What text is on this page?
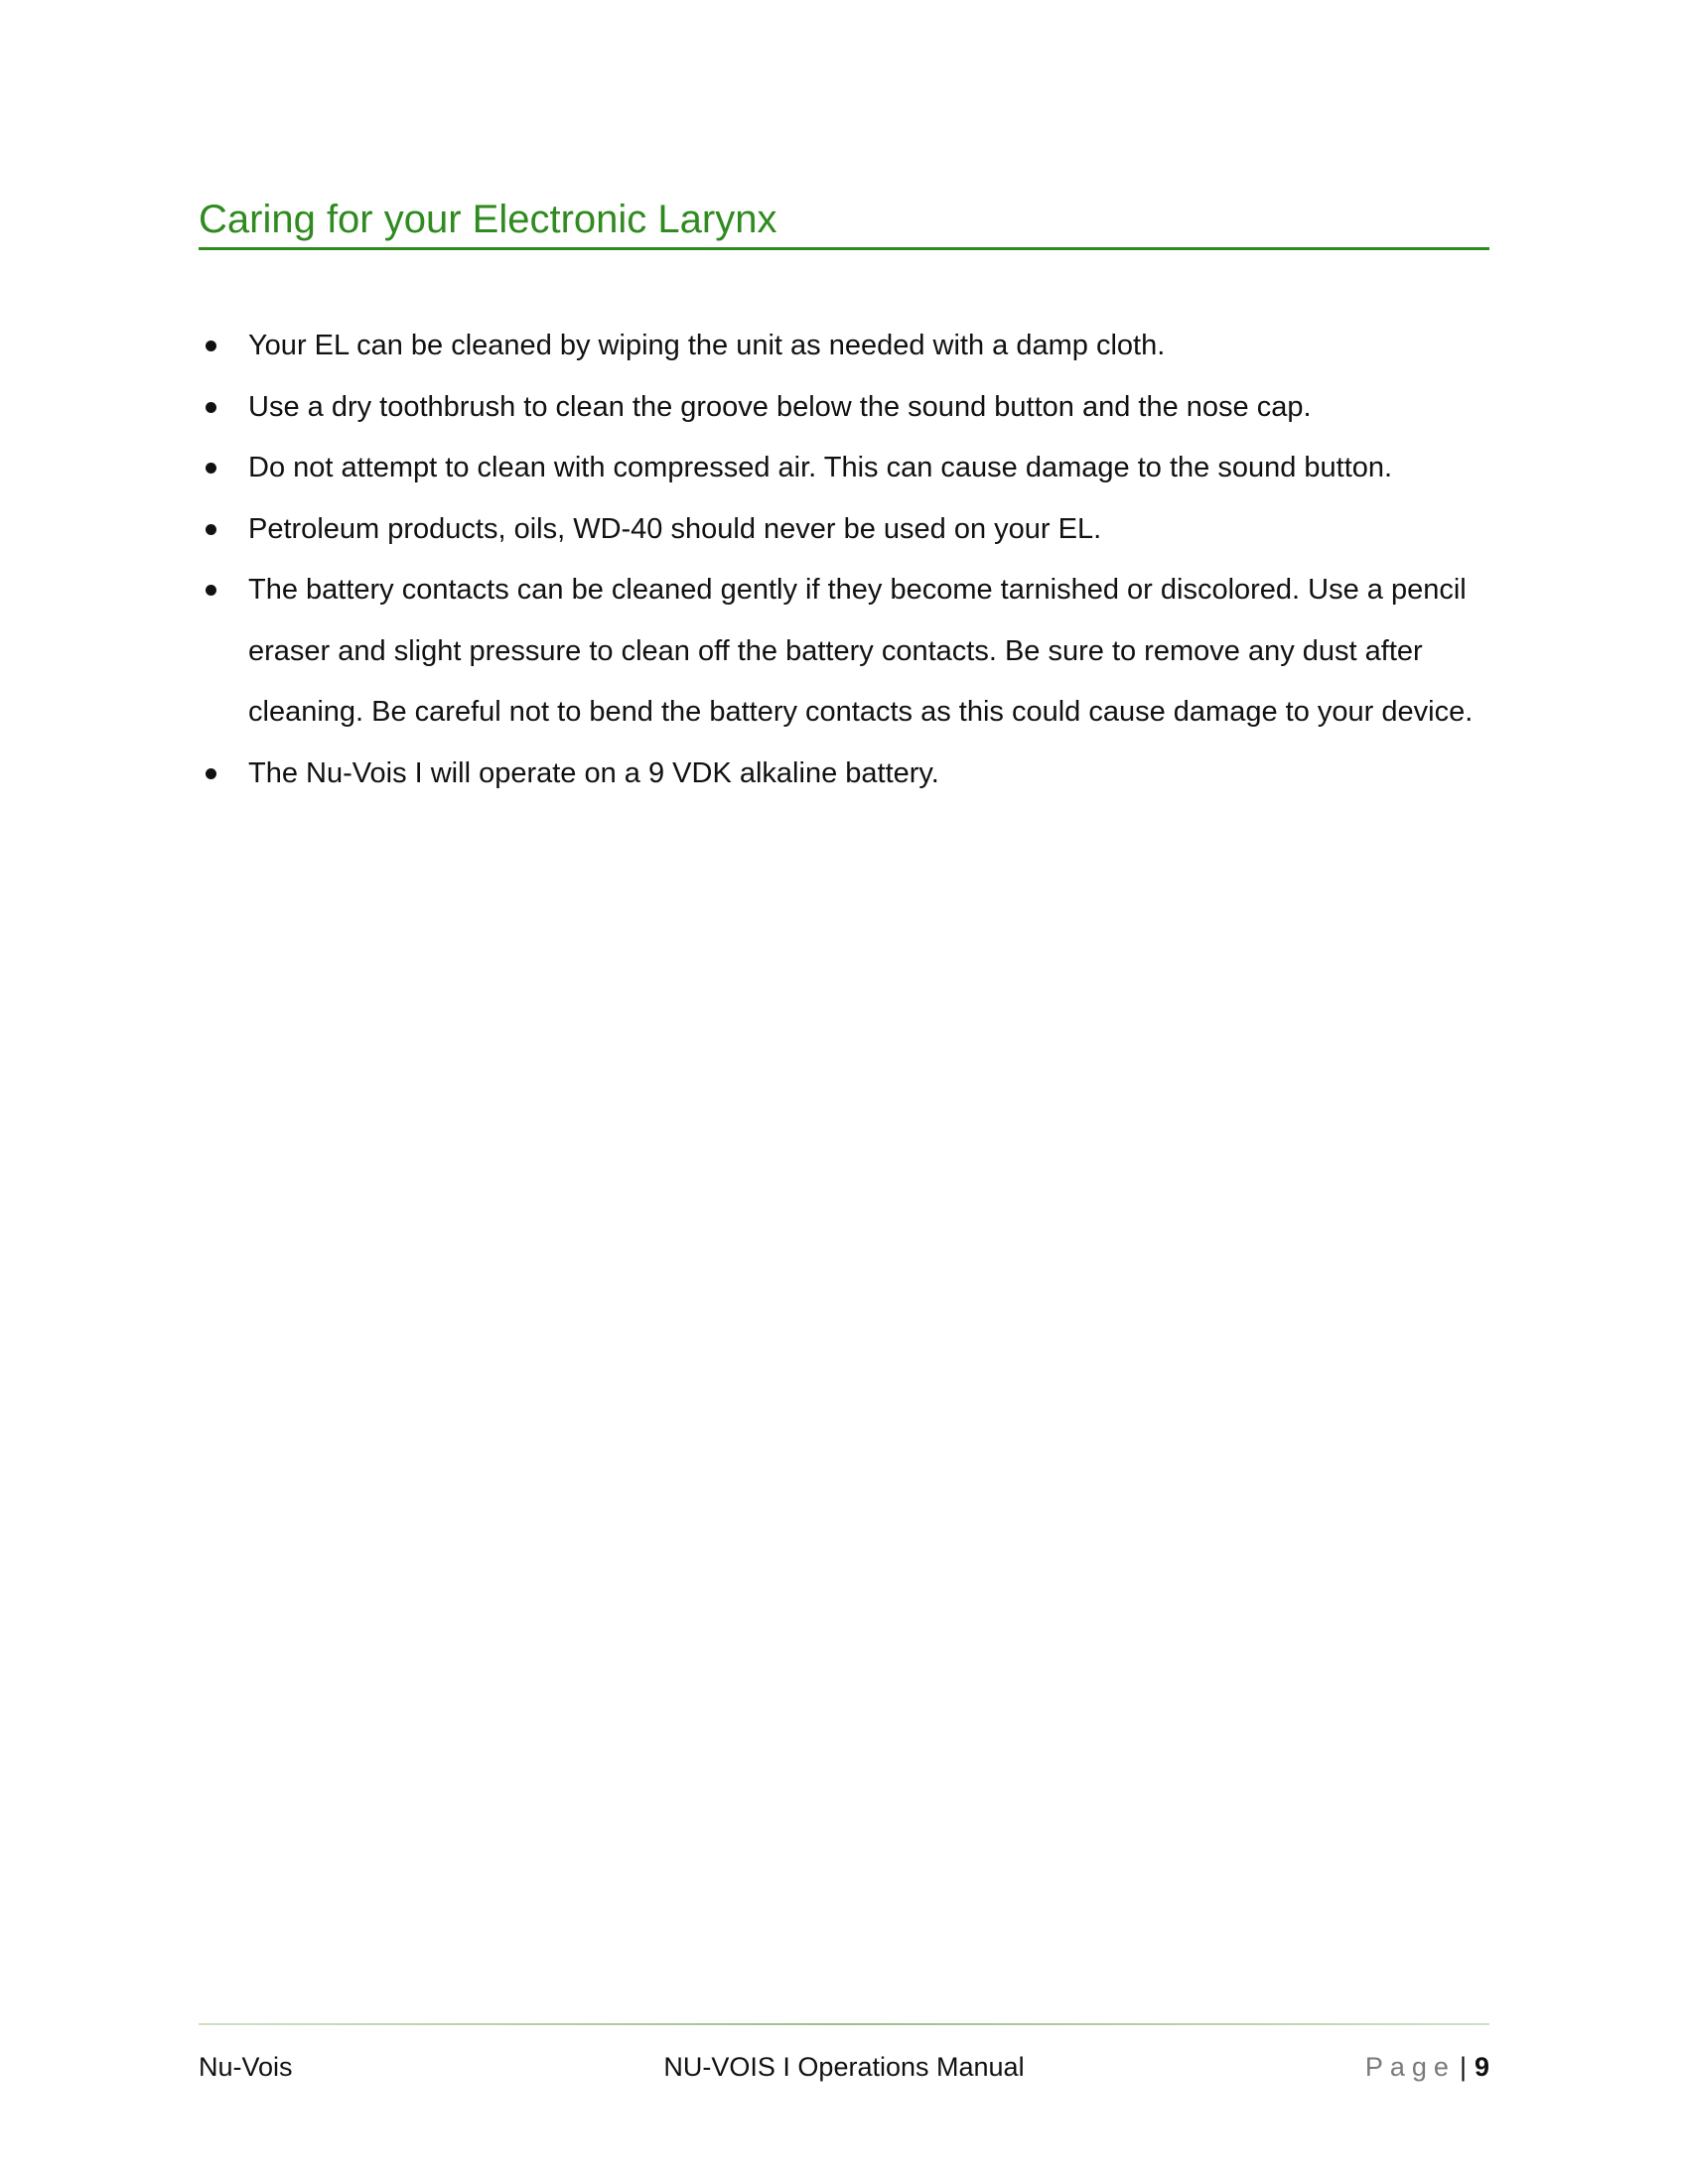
Caring for your Electronic Larynx
Your EL can be cleaned by wiping the unit as needed with a damp cloth.
Use a dry toothbrush to clean the groove below the sound button and the nose cap.
Do not attempt to clean with compressed air. This can cause damage to the sound button.
Petroleum products, oils, WD-40 should never be used on your EL.
The battery contacts can be cleaned gently if they become tarnished or discolored. Use a pencil eraser and slight pressure to clean off the battery contacts. Be sure to remove any dust after cleaning. Be careful not to bend the battery contacts as this could cause damage to your device.
The Nu-Vois I will operate on a 9 VDK alkaline battery.
Nu-Vois	NU-VOIS I Operations Manual	Page | 9
